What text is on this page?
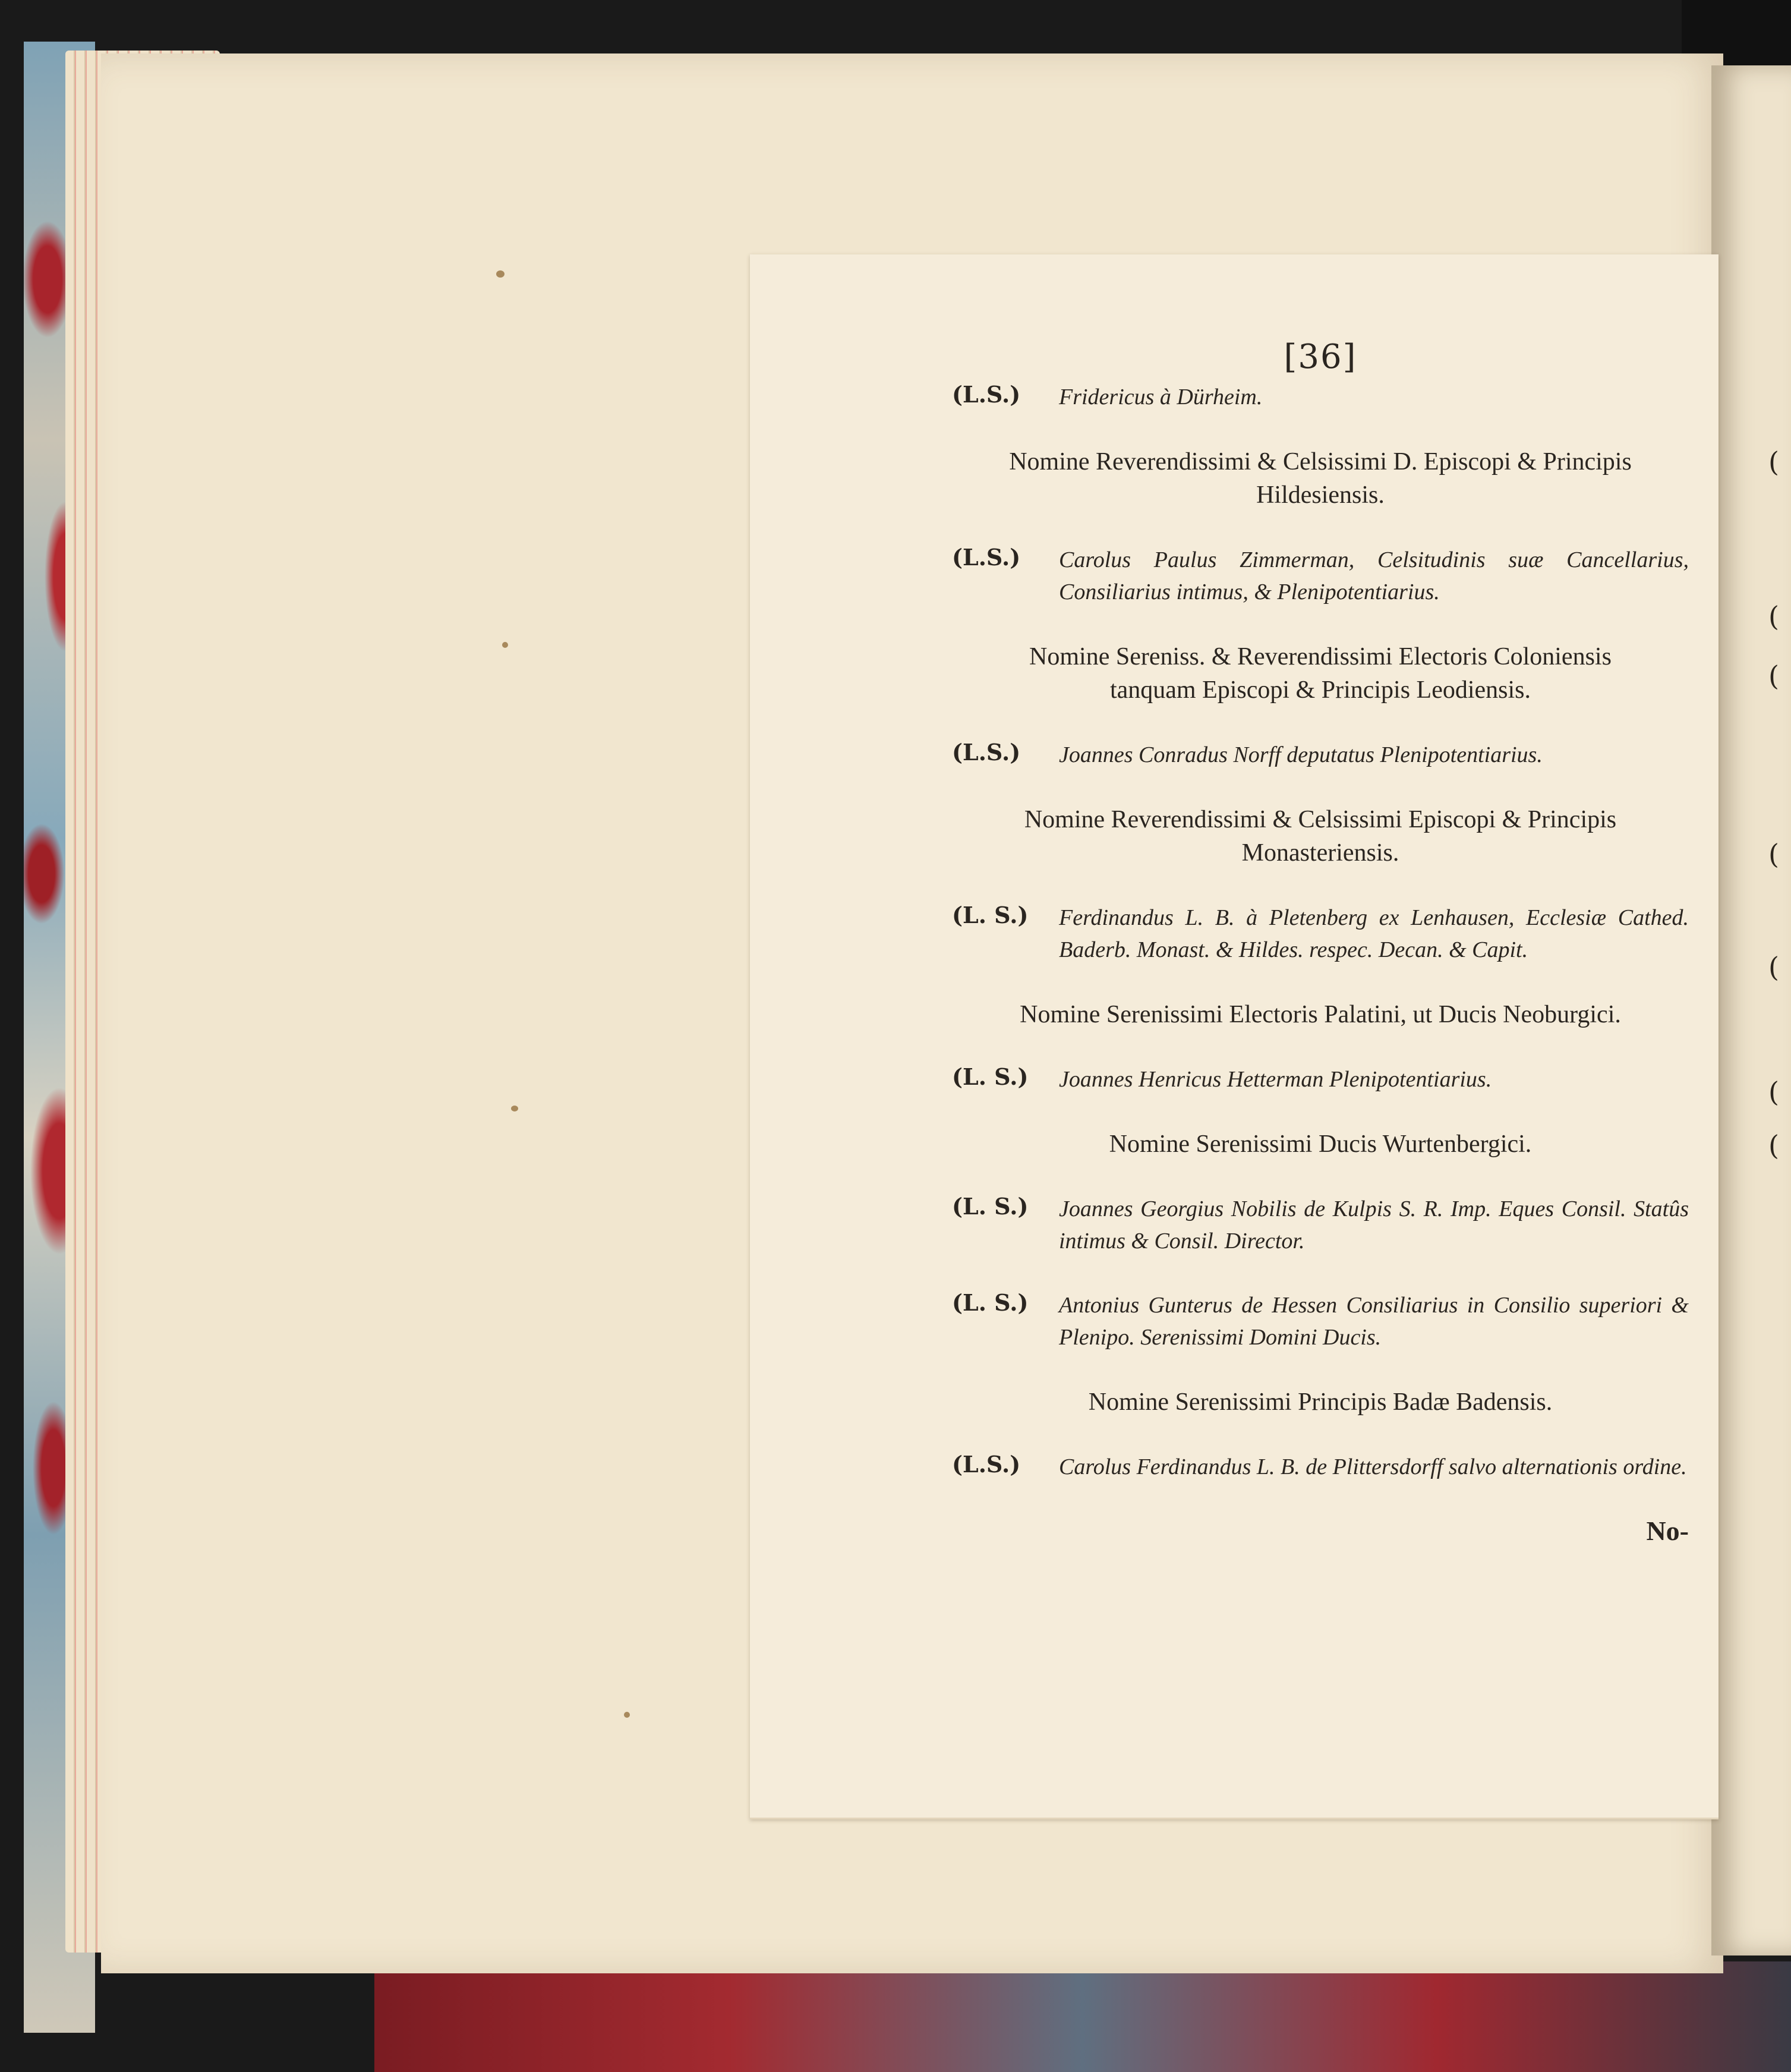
(
(
(
(
(
(
(
[36]
(L.S.)	Fridericus à Dürheim.
Nomine Reverendissimi & Celsissimi D. Episcopi & Principis Hildesiensis.
(L.S.)	Carolus Paulus Zimmerman, Celsitudinis suæ Cancellarius, Consiliarius intimus, & Plenipotentiarius.
Nomine Sereniss. & Reverendissimi Electoris Coloniensis tanquam Episcopi & Principis Leodiensis.
(L.S.)	Joannes Conradus Norff deputatus Plenipotentiarius.
Nomine Reverendissimi & Celsissimi Episcopi & Principis Monasteriensis.
(L. S.)	Ferdinandus L. B. à Pletenberg ex Lenhausen, Ecclesiæ Cathed. Baderb. Monast. & Hildes. respec. Decan. & Capit.
Nomine Serenissimi Electoris Palatini, ut Ducis Neoburgici.
(L. S.)	Joannes Henricus Hetterman Plenipotentiarius.
Nomine Serenissimi Ducis Wurtenbergici.
(L. S.)	Joannes Georgius Nobilis de Kulpis S. R. Imp. Eques Consil. Statûs intimus & Consil. Director.
(L. S.)	Antonius Gunterus de Hessen Consiliarius in Consilio superiori & Plenipo. Serenissimi Domini Ducis.
Nomine Serenissimi Principis Badæ Badensis.
(L.S.)	Carolus Ferdinandus L. B. de Plittersdorff salvo alternationis ordine.
No-
